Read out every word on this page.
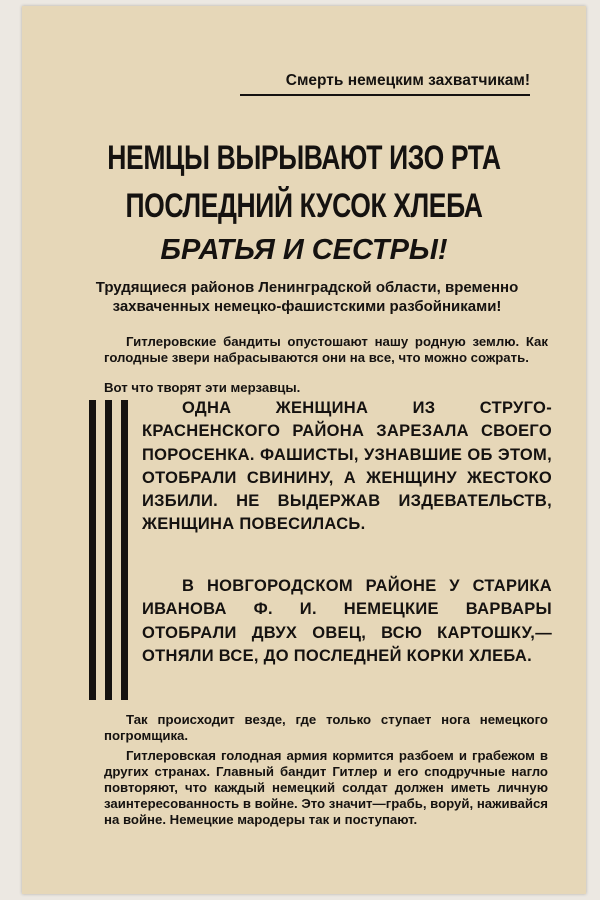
Смерть немецким захватчикам!
НЕМЦЫ ВЫРЫВАЮТ ИЗО РТА
ПОСЛЕДНИЙ КУСОК ХЛЕБА
БРАТЬЯ И СЕСТРЫ!
Трудящиеся районов Ленинградской области, временно захваченных немецко-фашистскими разбойниками!
Гитлеровские бандиты опустошают нашу родную землю. Как голодные звери набрасываются они на все, что можно сожрать.
Вот что творят эти мерзавцы.
ОДНА ЖЕНЩИНА ИЗ СТРУГО-КРАСНЕНСКОГО РАЙОНА ЗАРЕЗАЛА СВОЕГО ПОРОСЕНКА. ФАШИСТЫ, УЗНАВШИЕ ОБ ЭТОМ, ОТОБРАЛИ СВИНИНУ, А ЖЕНЩИНУ ЖЕСТОКО ИЗБИЛИ. НЕ ВЫДЕРЖАВ ИЗДЕВАТЕЛЬСТВ, ЖЕНЩИНА ПОВЕСИЛАСЬ.
В НОВГОРОДСКОМ РАЙОНЕ У СТАРИКА ИВАНОВА Ф. И. НЕМЕЦКИЕ ВАРВАРЫ ОТОБРАЛИ ДВУХ ОВЕЦ, ВСЮ КАРТОШКУ,— ОТНЯЛИ ВСЕ, ДО ПОСЛЕДНЕЙ КОРКИ ХЛЕБА.
Так происходит везде, где только ступает нога немецкого погромщика.
Гитлеровская голодная армия кормится разбоем и грабежом в других странах. Главный бандит Гитлер и его сподручные нагло повторяют, что каждый немецкий солдат должен иметь личную заинтересованность в войне. Это значит—грабь, воруй, наживайся на войне. Немецкие мародеры так и поступают.
